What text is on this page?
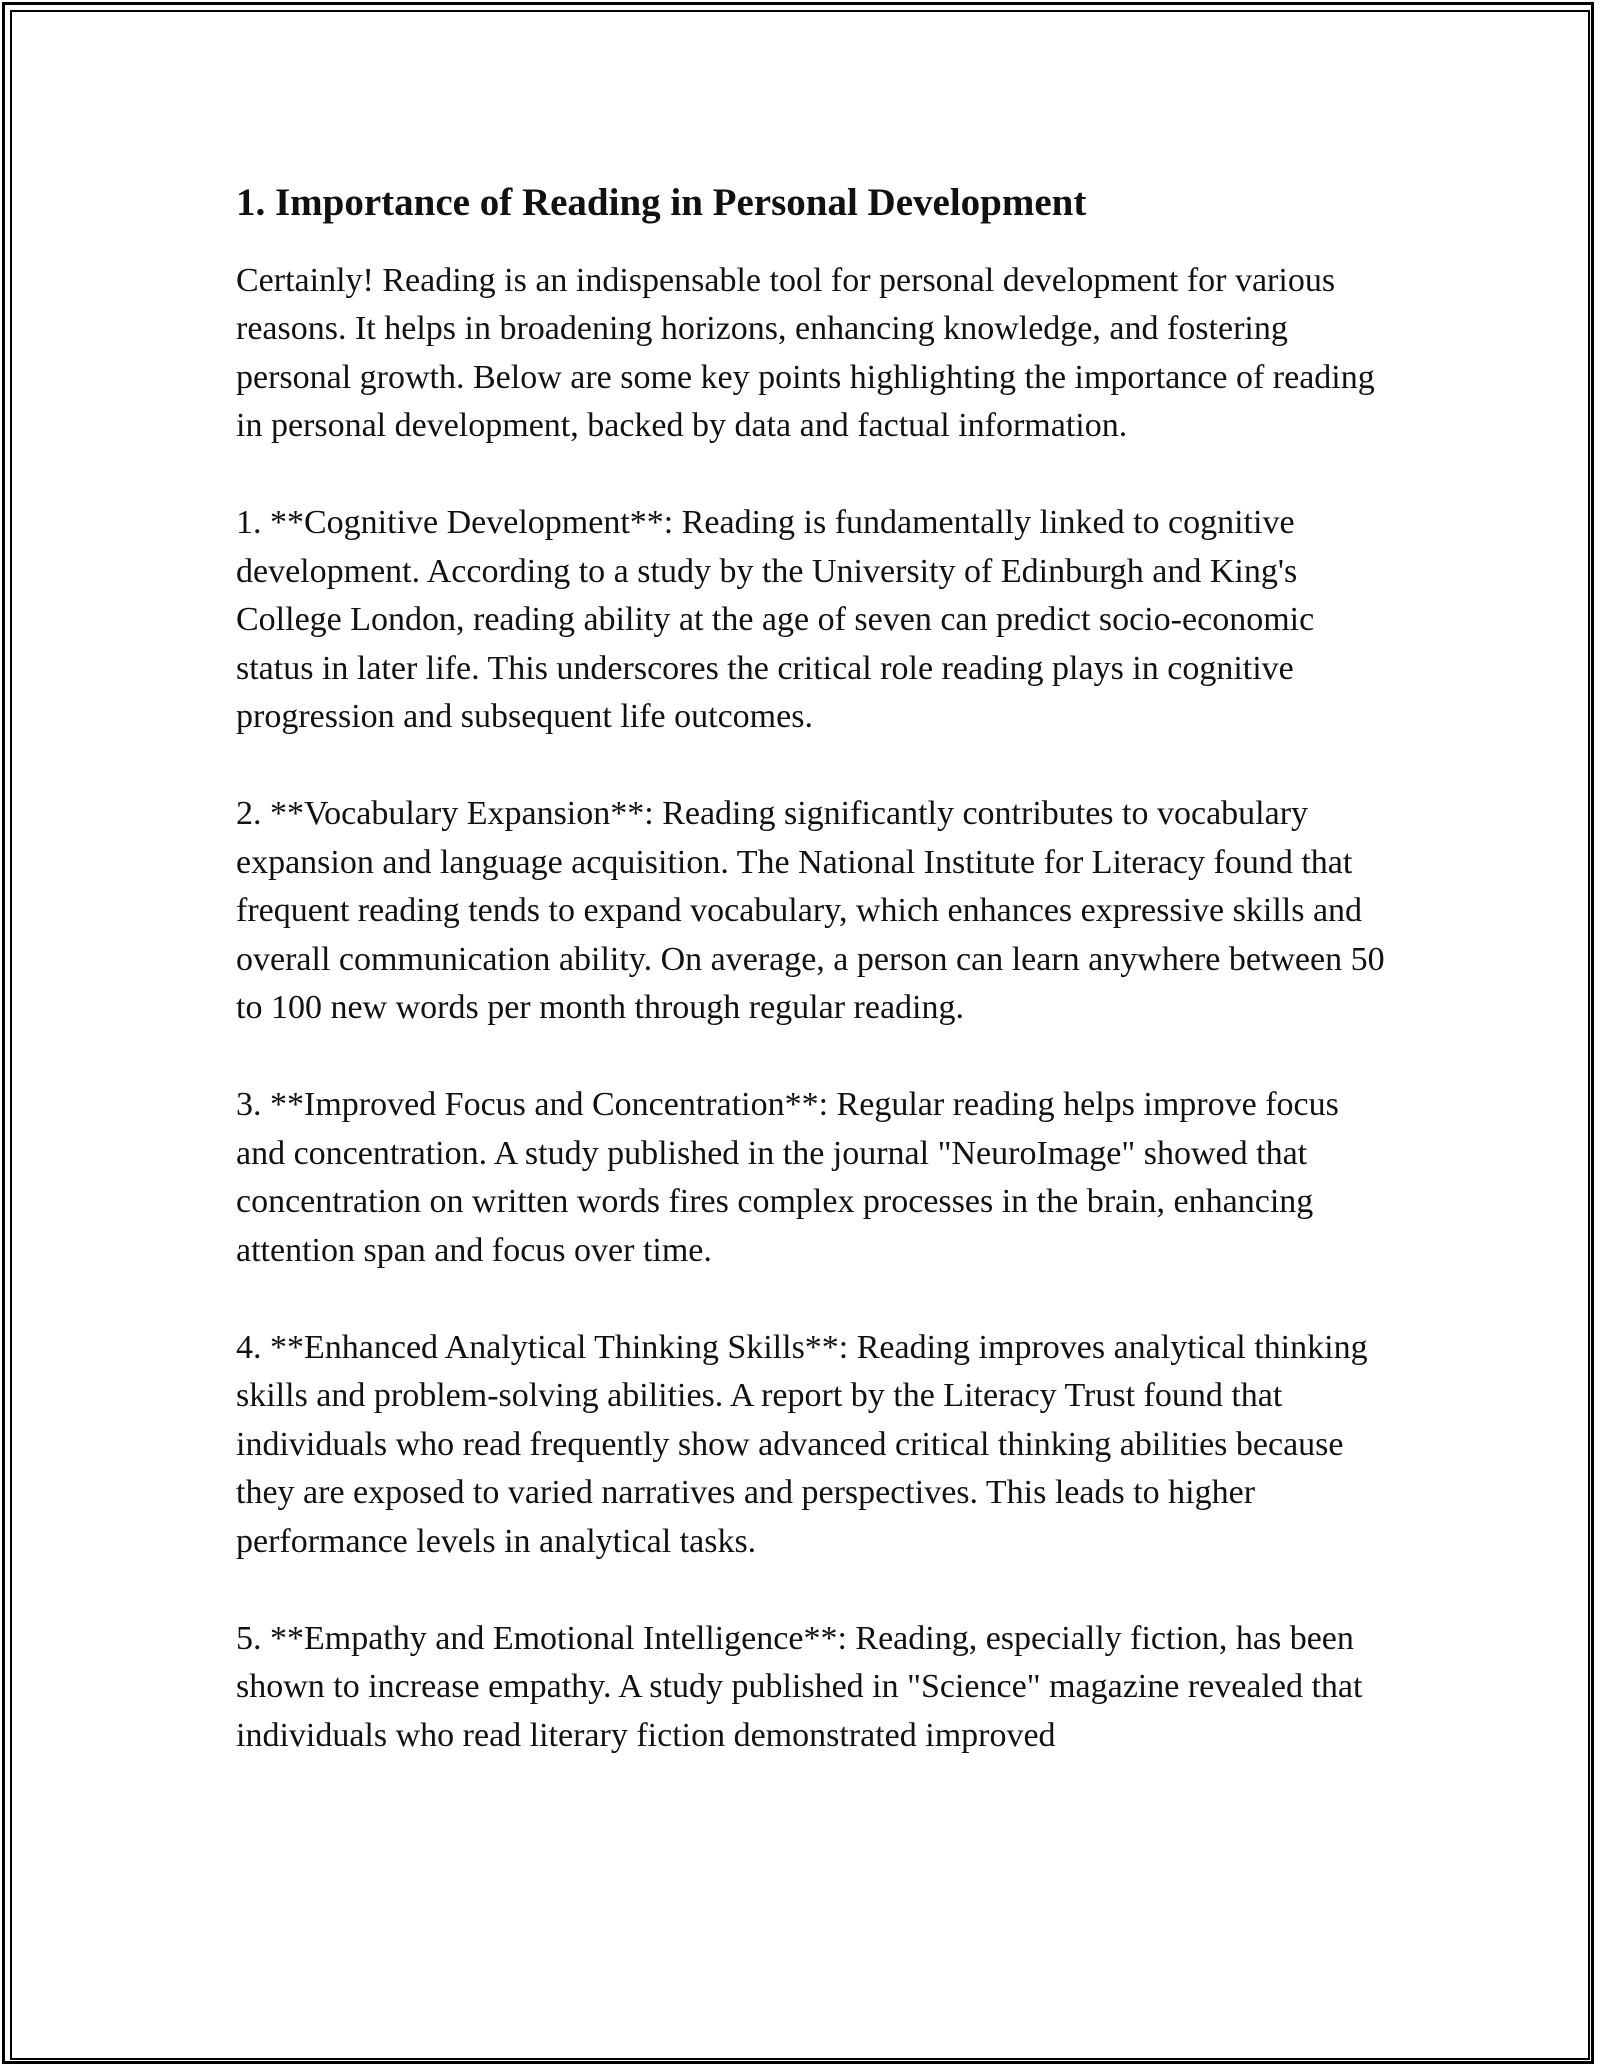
1. Importance of Reading in Personal Development

Certainly! Reading is an indispensable tool for personal development for various reasons. It helps in broadening horizons, enhancing knowledge, and fostering personal growth. Below are some key points highlighting the importance of reading in personal development, backed by data and factual information.

1. **Cognitive Development**: Reading is fundamentally linked to cognitive development. According to a study by the University of Edinburgh and King's College London, reading ability at the age of seven can predict socio-economic status in later life. This underscores the critical role reading plays in cognitive progression and subsequent life outcomes.

2. **Vocabulary Expansion**: Reading significantly contributes to vocabulary expansion and language acquisition. The National Institute for Literacy found that frequent reading tends to expand vocabulary, which enhances expressive skills and overall communication ability. On average, a person can learn anywhere between 50 to 100 new words per month through regular reading.

3. **Improved Focus and Concentration**: Regular reading helps improve focus and concentration. A study published in the journal "NeuroImage" showed that concentration on written words fires complex processes in the brain, enhancing attention span and focus over time.

4. **Enhanced Analytical Thinking Skills**: Reading improves analytical thinking skills and problem-solving abilities. A report by the Literacy Trust found that individuals who read frequently show advanced critical thinking abilities because they are exposed to varied narratives and perspectives. This leads to higher performance levels in analytical tasks.

5. **Empathy and Emotional Intelligence**: Reading, especially fiction, has been shown to increase empathy. A study published in "Science" magazine revealed that individuals who read literary fiction demonstrated improved
